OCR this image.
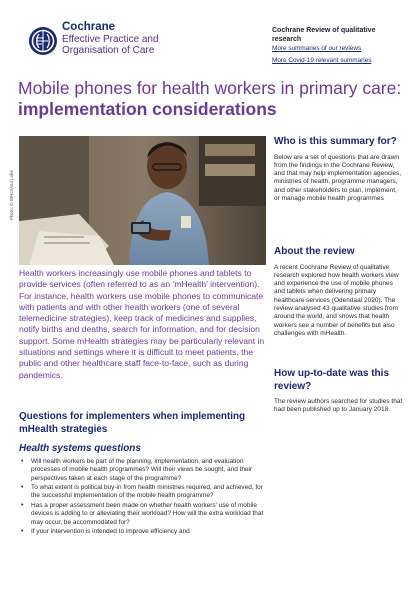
Cochrane
Effective Practice and
Organisation of Care
Cochrane Review of qualitative research
More summaries of our reviews
More Covid-19 relevant summaries
Mobile phones for health workers in primary care:
implementation considerations
Photo: © WHO/Atul Loke
Health workers increasingly use mobile phones and tablets to provide services (often referred to as an ‘mHealth’ intervention). For instance, health workers use mobile phones to communicate with patients and with other health workers (one of several telemedicine strategies), keep track of medicines and supplies, notify births and deaths, search for information, and for decision support. Some mHealth strategies may be particularly relevant in situations and settings where it is difficult to meet patients, the public and other healthcare staff face-to-face, such as during pandemics.
Questions for implementers when implementing mHealth strategies
Health systems questions
• Will health workers be part of the planning, implementation, and evaluation processes of mobile health programmes? Will their views be sought, and their perspectives taken at each stage of the programme?
• To what extent is political buy-in from health ministries required, and achieved, for the successful implementation of the mobile health programme?
• Has a proper assessment been made on whether health workers’ use of mobile devices is adding to or alleviating their workload? How will the extra workload that may occur, be accommodated for?
• If your intervention is intended to improve efficiency and
Who is this summary for?
Below are a set of questions that are drawn from the findings in the Cochrane Review, and that may help implementation agencies, ministries of health, programme managers, and other stakeholders to plan, implement, or manage mobile health programmes
About the review
A recent Cochrane Review of qualitative research explored how health workers view and experience the use of mobile phones and tablets when delivering primary healthcare services (Odendaal 2020). The review analysed 43 qualitative studies from around the world, and shows that health workers see a number of benefits but also challenges with mHealth.
How up-to-date was this review?
The review authors searched for studies that had been published up to January 2018.
